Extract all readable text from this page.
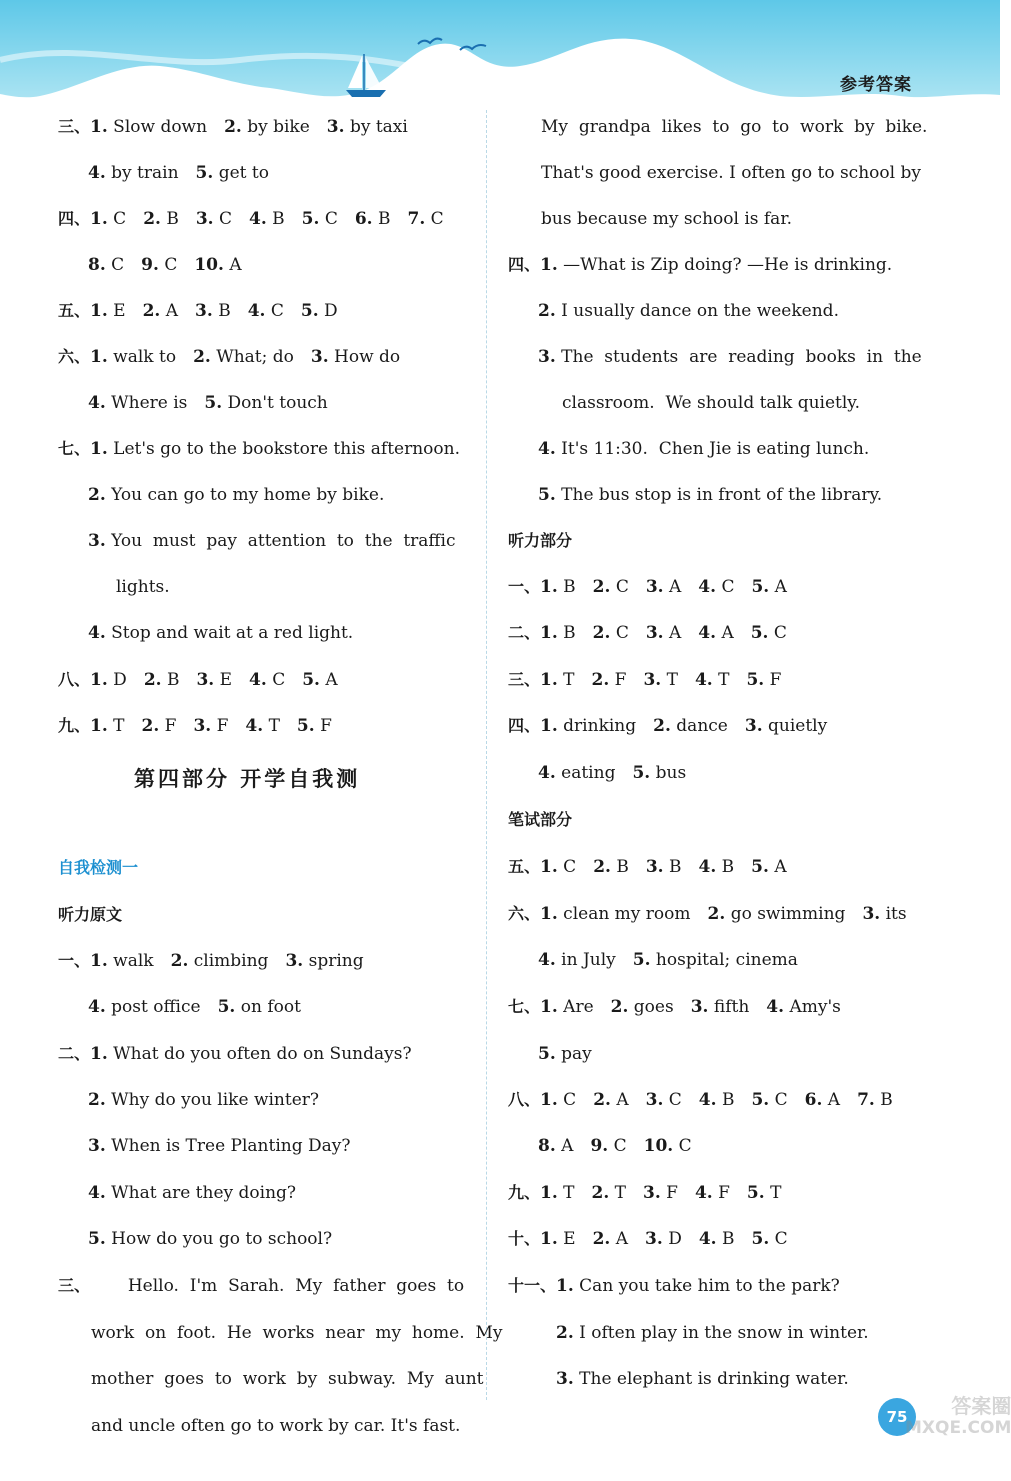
参考答案
三、1. Slow down  2. by bike  3. by taxi
4. by train  5. get to
四、1. C  2. B  3. C  4. B  5. C  6. B  7. C
8. C  9. C  10. A
五、1. E  2. A  3. B  4. C  5. D
六、1. walk to  2. What; do  3. How do
4. Where is  5. Don't touch
七、1. Let's go to the bookstore this afternoon.
2. You can go to my home by bike.
3. You  must  pay  attention  to  the  traffic
lights.
4. Stop and wait at a red light.
八、1. D  2. B  3. E  4. C  5. A
九、1. T  2. F  3. F  4. T  5. F
自我检测一
听力原文
一、1. walk  2. climbing  3. spring
4. post office  5. on foot
二、1. What do you often do on Sundays?
2. Why do you like winter?
3. When is Tree Planting Day?
4. What are they doing?
5. How do you go to school?
三、       Hello.  I'm  Sarah.  My  father  goes  to
work  on  foot.  He  works  near  my  home.  My
mother  goes  to  work  by  subway.  My  aunt
and uncle often go to work by car. It's fast.
第四部分 开学自我测
My  grandpa  likes  to  go  to  work  by  bike.
That's good exercise. I often go to school by
bus because my school is far.
四、1. —What is Zip doing? —He is drinking.
2. I usually dance on the weekend.
3. The  students  are  reading  books  in  the
classroom.  We should talk quietly.
4. It's 11:30.  Chen Jie is eating lunch.
5. The bus stop is in front of the library.
听力部分
一、1. B  2. C  3. A  4. C  5. A
二、1. B  2. C  3. A  4. A  5. C
三、1. T  2. F  3. T  4. T  5. F
四、1. drinking  2. dance  3. quietly
4. eating  5. bus
笔试部分
五、1. C  2. B  3. B  4. B  5. A
六、1. clean my room  2. go swimming  3. its
4. in July  5. hospital; cinema
七、1. Are  2. goes  3. fifth  4. Amy's
5. pay
八、1. C  2. A  3. C  4. B  5. C  6. A  7. B
8. A  9. C  10. C
九、1. T  2. T  3. F  4. F  5. T
十、1. E  2. A  3. D  4. B  5. C
十一、1. Can you take him to the park?
2. I often play in the snow in winter.
3. The elephant is drinking water.
75	答案圈
MXQE.COM
